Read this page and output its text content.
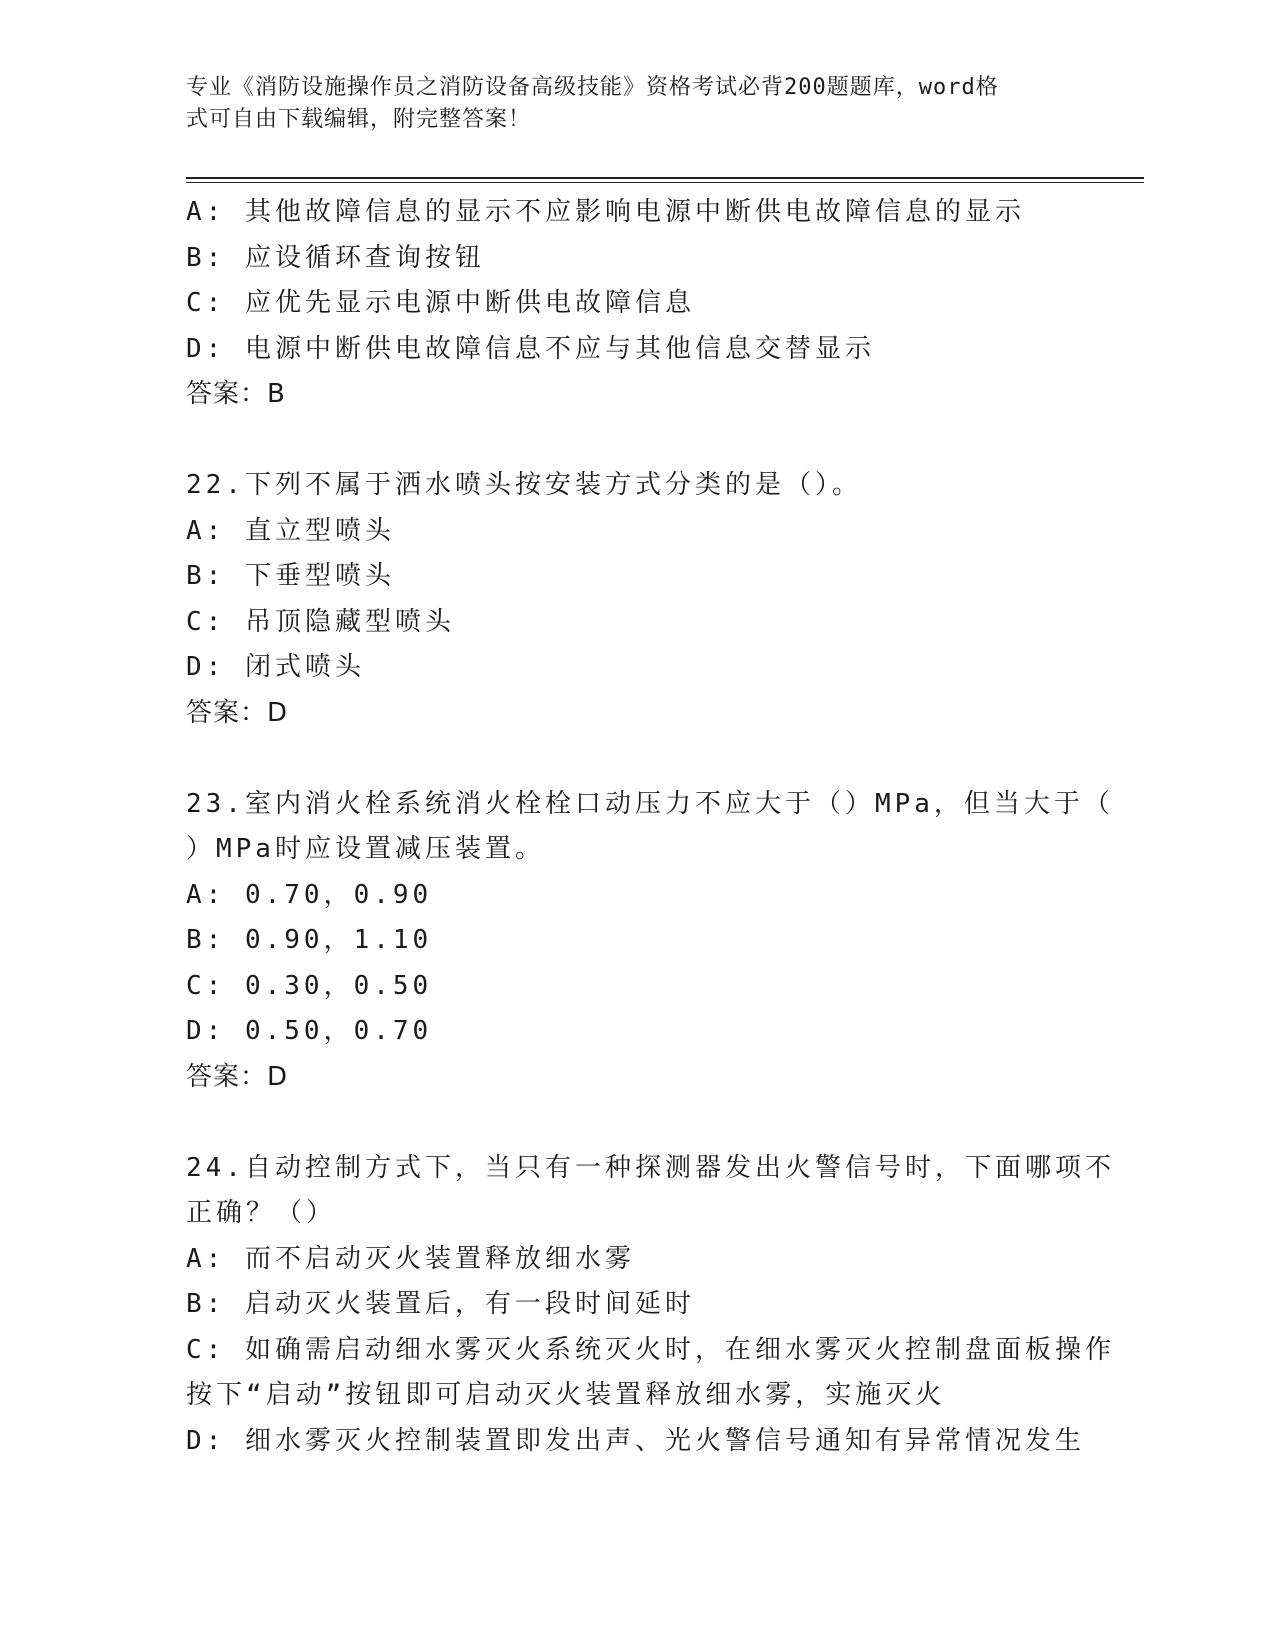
专业《消防设施操作员之消防设备高级技能》资格考试必背200题题库，word格
式可自由下载编辑，附完整答案！
A: 其他故障信息的显示不应影响电源中断供电故障信息的显示
B: 应设循环查询按钮
C: 应优先显示电源中断供电故障信息
D: 电源中断供电故障信息不应与其他信息交替显示
答案：B
22.下列不属于洒水喷头按安装方式分类的是（）。
A: 直立型喷头
B: 下垂型喷头
C: 吊顶隐藏型喷头
D: 闭式喷头
答案：D
23.室内消火栓系统消火栓栓口动压力不应大于（）MPa，但当大于（
）MPa时应设置减压装置。
A: 0.70，0.90
B: 0.90，1.10
C: 0.30，0.50
D: 0.50，0.70
答案：D
24.自动控制方式下，当只有一种探测器发出火警信号时，下面哪项不
正确？（）
A: 而不启动灭火装置释放细水雾
B: 启动灭火装置后，有一段时间延时
C: 如确需启动细水雾灭火系统灭火时，在细水雾灭火控制盘面板操作
按下“启动”按钮即可启动灭火装置释放细水雾，实施灭火
D: 细水雾灭火控制装置即发出声、光火警信号通知有异常情况发生
